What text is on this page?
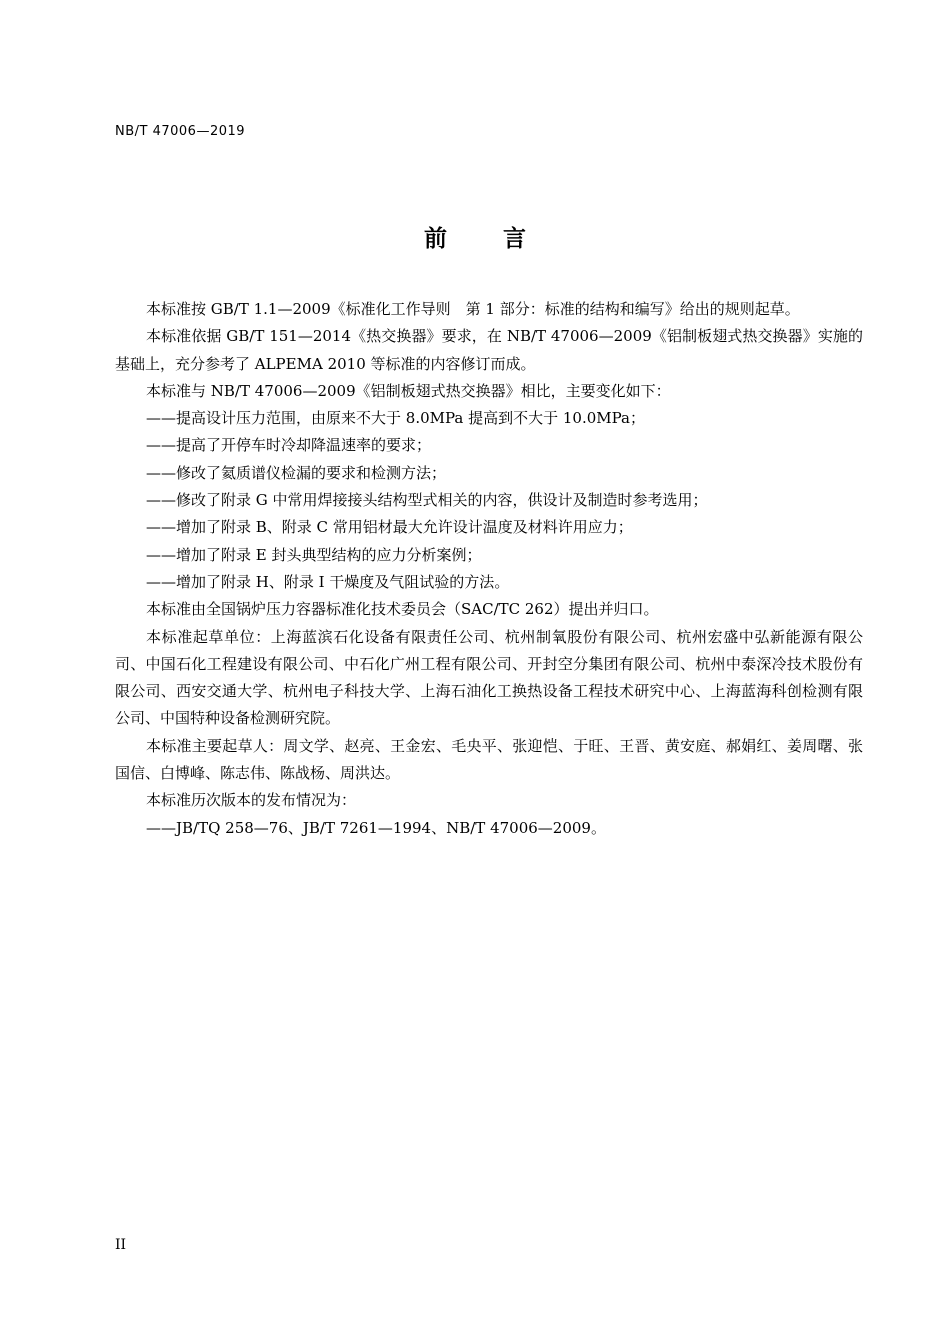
NB/T 47006—2019

前言

本标准按 GB/T 1.1—2009《标准化工作导则　第 1 部分：标准的结构和编写》给出的规则起草。

本标准依据 GB/T 151—2014《热交换器》要求，在 NB/T 47006—2009《铝制板翅式热交换器》实施的基础上，充分参考了 ALPEMA 2010 等标准的内容修订而成。

本标准与 NB/T 47006—2009《铝制板翅式热交换器》相比，主要变化如下：

——提高设计压力范围，由原来不大于 8.0MPa 提高到不大于 10.0MPa；

——提高了开停车时冷却降温速率的要求；

——修改了氦质谱仪检漏的要求和检测方法；

——修改了附录 G 中常用焊接接头结构型式相关的内容，供设计及制造时参考选用；

——增加了附录 B、附录 C 常用铝材最大允许设计温度及材料许用应力；

——增加了附录 E 封头典型结构的应力分析案例；

——增加了附录 H、附录 I 干燥度及气阻试验的方法。

本标准由全国锅炉压力容器标准化技术委员会（SAC/TC 262）提出并归口。

本标准起草单位：上海蓝滨石化设备有限责任公司、杭州制氧股份有限公司、杭州宏盛中弘新能源有限公司、中国石化工程建设有限公司、中石化广州工程有限公司、开封空分集团有限公司、杭州中泰深冷技术股份有限公司、西安交通大学、杭州电子科技大学、上海石油化工换热设备工程技术研究中心、上海蓝海科创检测有限公司、中国特种设备检测研究院。

本标准主要起草人：周文学、赵亮、王金宏、毛央平、张迎恺、于旺、王晋、黄安庭、郝娟红、姜周曙、张国信、白博峰、陈志伟、陈战杨、周洪达。

本标准历次版本的发布情况为：

——JB/TQ 258—76、JB/T 7261—1994、NB/T 47006—2009。

II
